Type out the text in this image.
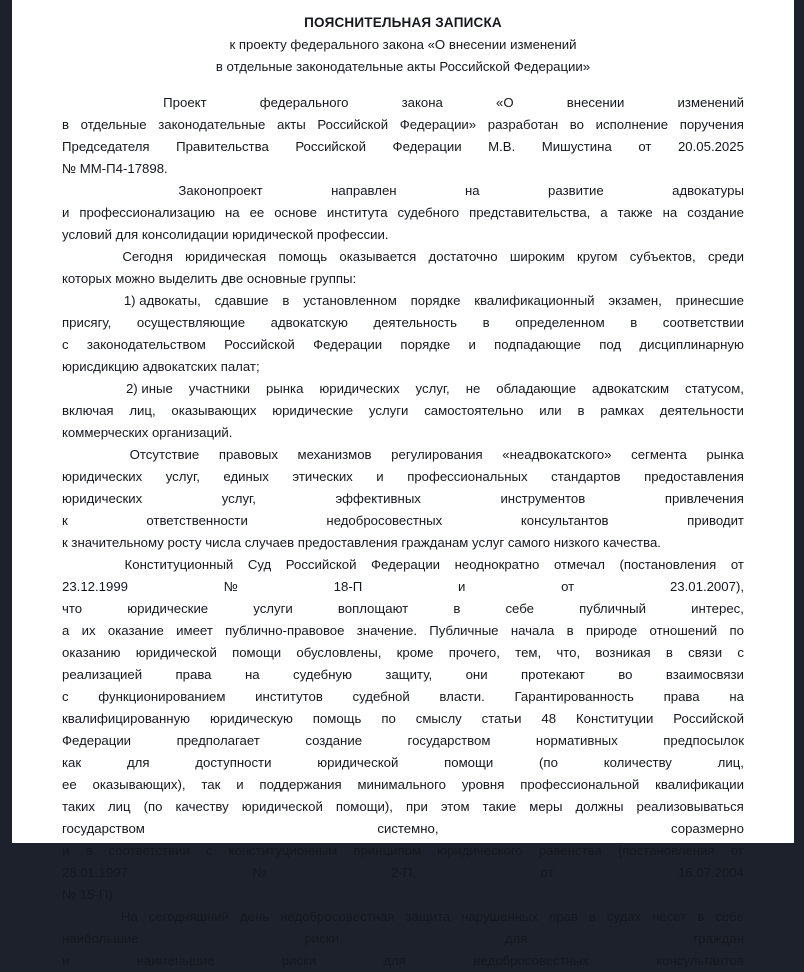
ПОЯСНИТЕЛЬНАЯ ЗАПИСКА
к проекту федерального закона «О внесении изменений
в отдельные законодательные акты Российской Федерации»
Проект	федерального	закона	«О	внесении	изменений
в отдельные законодательные акты Российской Федерации» разработан во исполнение поручения
Председателя Правительства Российской Федерации М.В. Мишустина от 20.05.2025
№ ММ-П4-17898.
Законопроект	направлен	на	развитие	адвокатуры
и профессионализацию на ее основе института судебного представительства, а также на создание
условий для консолидации юридической профессии.
Сегодня юридическая помощь оказывается достаточно широким кругом субъектов, среди
которых можно выделить две основные группы:
1) адвокаты, сдавшие в установленном порядке квалификационный экзамен, принесшие
присягу, осуществляющие адвокатскую деятельность в определенном в соответствии
с законодательством Российской Федерации порядке и подпадающие под дисциплинарную
юрисдикцию адвокатских палат;
2) иные участники рынка юридических услуг, не обладающие адвокатским статусом,
включая лиц, оказывающих юридические услуги самостоятельно или в рамках деятельности
коммерческих организаций.
Отсутствие правовых механизмов регулирования «неадвокатского» сегмента рынка
юридических услуг, единых этических и профессиональных стандартов предоставления
юридических	услуг,	эффективных	инструментов	привлечения
к	ответственности	недобросовестных	консультантов	приводит
к значительному росту числа случаев предоставления гражданам услуг самого низкого качества.
Конституционный Суд Российской Федерации неоднократно отмечал (постановления от
23.12.1999	№	18-П	и	от	23.01.2007),
что	юридические	услуги	воплощают	в	себе	публичный	интерес,
а их оказание имеет публично-правовое значение. Публичные начала в природе отношений по
оказанию юридической помощи обусловлены, кроме прочего, тем, что, возникая в связи с
реализацией	права	на	судебную	защиту,	они	протекают	во	взаимосвязи
с функционированием институтов судебной власти. Гарантированность права на
квалифицированную юридическую помощь по смыслу статьи 48 Конституции Российской
Федерации	предполагает	создание	государством	нормативных	предпосылок
как	для	доступности	юридической	помощи	(по	количеству	лиц,
ее оказывающих), так и поддержания минимального уровня профессиональной квалификации
таких лиц (по качеству юридической помощи), при этом такие меры должны реализовываться
государством	системно,	соразмерно
и в соответствии с конституционным принципом юридического равенства (постановления от
28.01.1997	№	2-П,	от	16.07.2004
№ 15-П).
На сегодняшний день недобросовестная защита нарушенных прав в судах несет в себе
наибольшие	риски	для	граждан
и	наименьшие	риски	для	недобросовестных	консультантов
